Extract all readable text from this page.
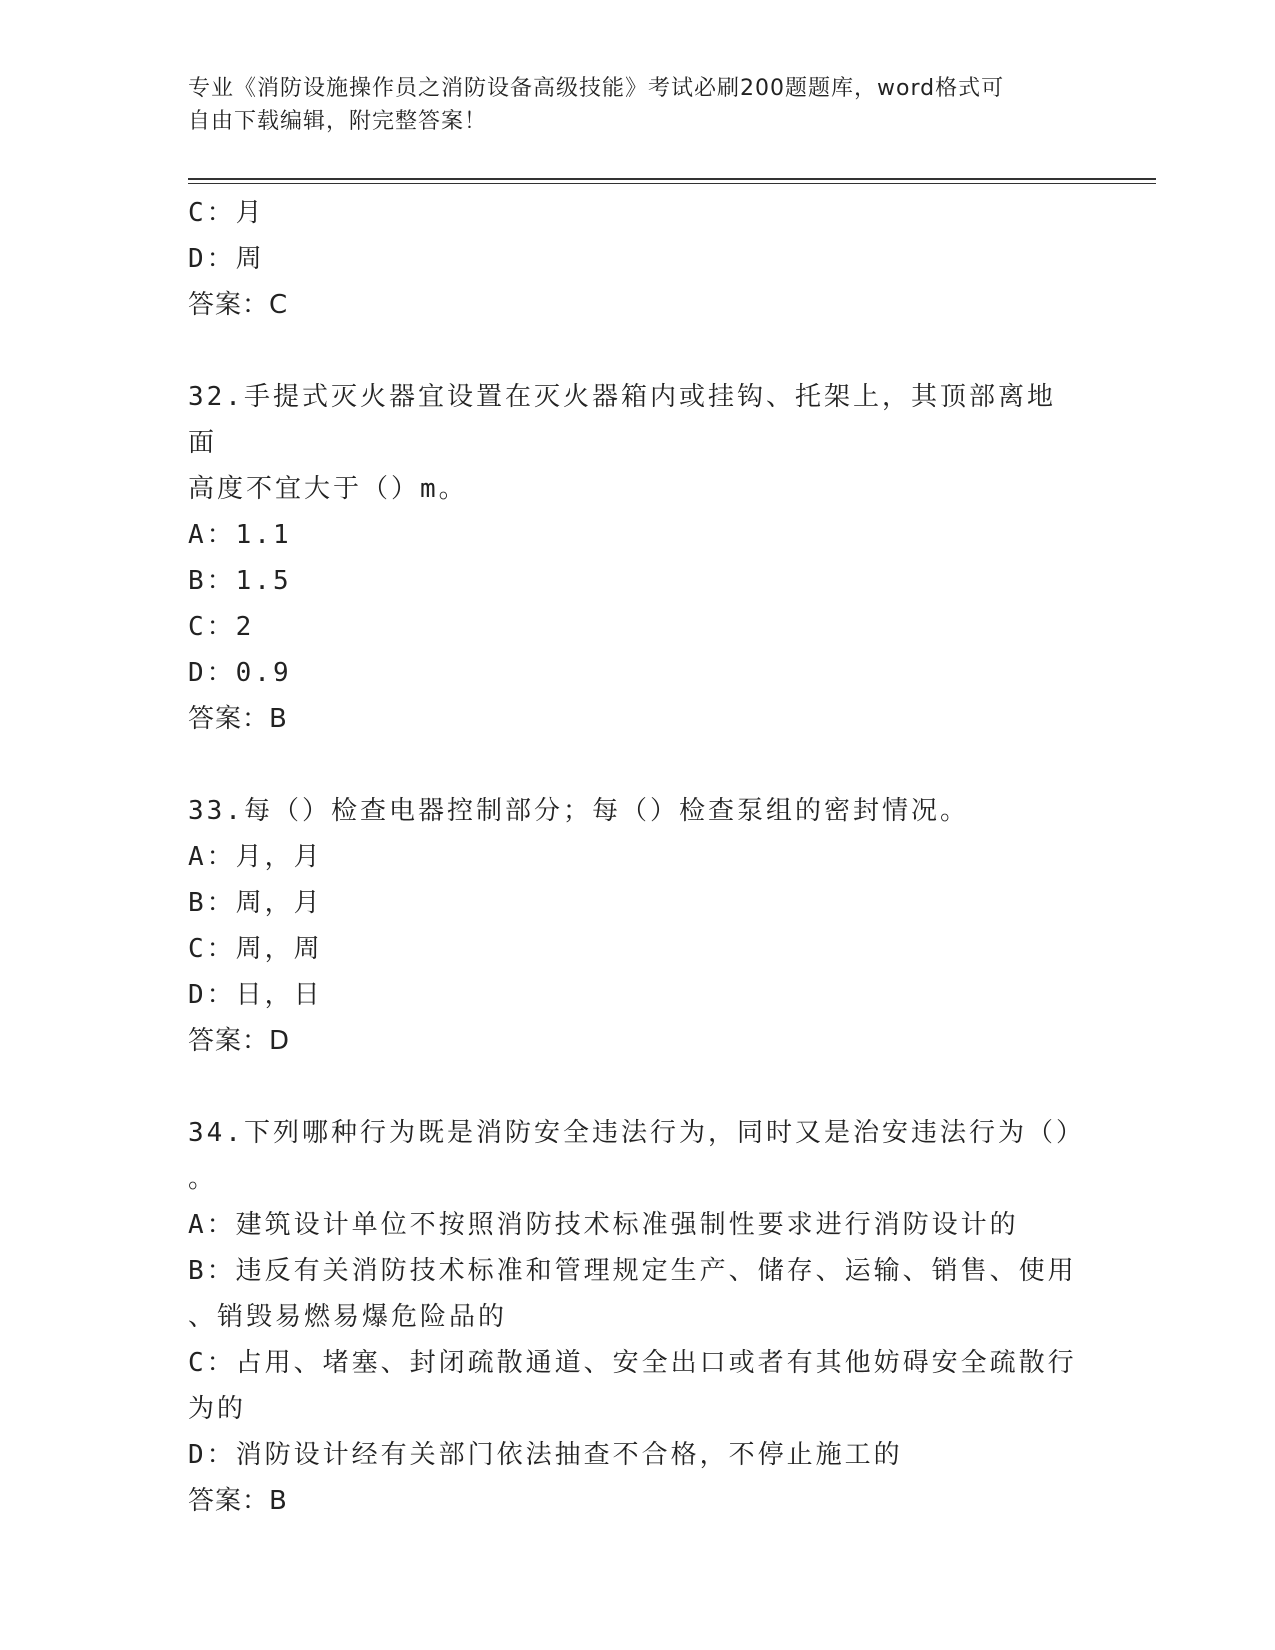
专业《消防设施操作员之消防设备高级技能》考试必刷200题题库，word格式可
自由下载编辑，附完整答案！

C：月

D：周

答案：C

32.手提式灭火器宜设置在灭火器箱内或挂钩、托架上，其顶部离地面

高度不宜大于（）m。

A：1.1

B：1.5

C：2

D：0.9

答案：B

33.每（）检查电器控制部分；每（）检查泵组的密封情况。

A：月，月

B：周，月

C：周，周

D：日，日

答案：D

34.下列哪种行为既是消防安全违法行为，同时又是治安违法行为（）

。

A：建筑设计单位不按照消防技术标准强制性要求进行消防设计的

B：违反有关消防技术标准和管理规定生产、储存、运输、销售、使用

、销毁易燃易爆危险品的

C：占用、堵塞、封闭疏散通道、安全出口或者有其他妨碍安全疏散行

为的

D：消防设计经有关部门依法抽查不合格，不停止施工的

答案：B
